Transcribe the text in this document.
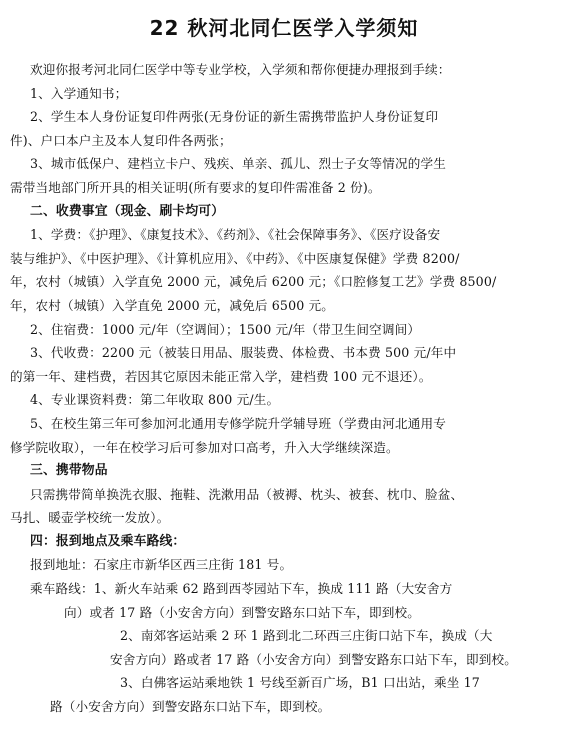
22 秋河北同仁医学入学须知
欢迎你报考河北同仁医学中等专业学校，入学须和帮你便捷办理报到手续：
1、入学通知书；
2、学生本人身份证复印件两张(无身份证的新生需携带监护人身份证复印
件)、户口本户主及本人复印件各两张；
3、城市低保户、建档立卡户、残疾、单亲、孤儿、烈士子女等情况的学生
需带当地部门所开具的相关证明(所有要求的复印件需准备 2 份)。
二、收费事宜（现金、刷卡均可）
1、学费：《护理》、《康复技术》、《药剂》、《社会保障事务》、《医疗设备安
装与维护》、《中医护理》、《计算机应用》、《中药》、《中医康复保健》学费 8200/
年，农村（城镇）入学直免 2000 元，减免后 6200 元；《口腔修复工艺》学费 8500/
年，农村（城镇）入学直免 2000 元，减免后 6500 元。
2、住宿费：1000 元/年（空调间）；1500 元/年（带卫生间空调间）
3、代收费：2200 元（被装日用品、服装费、体检费、书本费 500 元/年中
的第一年、建档费，若因其它原因未能正常入学，建档费 100 元不退还）。
4、专业课资料费：第二年收取 800 元/生。
5、在校生第三年可参加河北通用专修学院升学辅导班（学费由河北通用专
修学院收取），一年在校学习后可参加对口高考，升入大学继续深造。
三、携带物品
只需携带简单换洗衣服、拖鞋、洗漱用品（被褥、枕头、被套、枕巾、脸盆、
马扎、暖壶学校统一发放）。
四：报到地点及乘车路线：
报到地址：石家庄市新华区西三庄街 181 号。
乘车路线：1、新火车站乘 62 路到西苓园站下车，换成 111 路（大安舍方
向）或者 17 路（小安舍方向）到警安路东口站下车，即到校。
2、南郊客运站乘 2 环 1 路到北二环西三庄街口站下车，换成（大
安舍方向）路或者 17 路（小安舍方向）到警安路东口站下车，即到校。
3、白佛客运站乘地铁 1 号线至新百广场，B1 口出站，乘坐 17
路（小安舍方向）到警安路东口站下车，即到校。
